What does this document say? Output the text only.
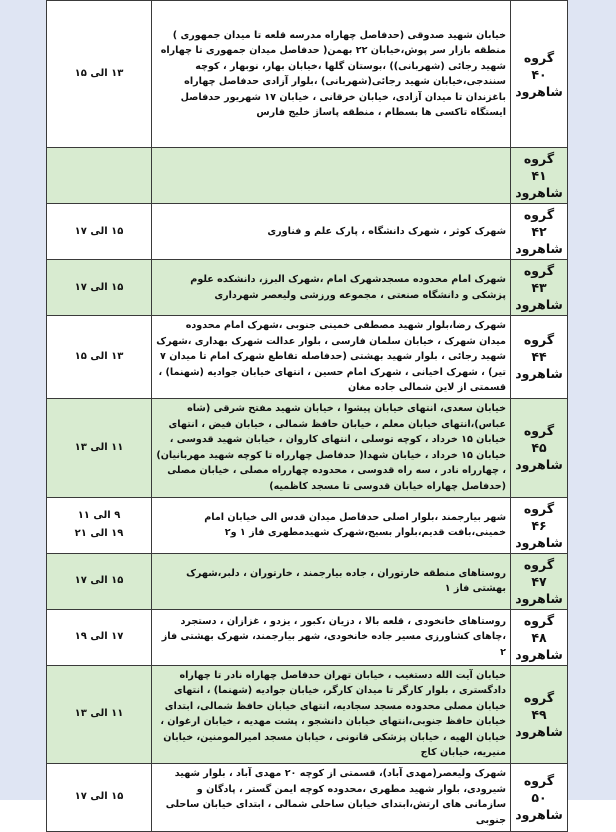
گروه ۴۰
شاهرود	خیابان شهید صدوقی (حدفاصل چهاراه مدرسه قلعه تا میدان جمهوری ) منطقه بازار سر پوش،خیابان ۲۲ بهمن( حدفاصل میدان جمهوری تا چهاراه شهید رجائی (شهربانی)) ،بوستان گلها ،خیابان بهار، نوبهار ، کوچه سنندجی،خیابان شهید رجائی(شهربانی) ،بلوار آزادی حدفاصل چهاراه باغزندان تا میدان آزادی، خیابان خرقانی ، خیابان ۱۷ شهریور حدفاصل ایستگاه تاکسی ها بسطام ، منطقه پاساژ خلیج فارس	۱۳ الی ۱۵

گروه ۴۱
شاهرود		

گروه ۴۲
شاهرود	شهرک کوثر ، شهرک دانشگاه ، پارک علم و فناوری	۱۵ الی ۱۷

گروه ۴۳
شاهرود	شهرک امام محدوده مسجدشهرک امام ،شهرک البرز، دانشکده علوم پزشکی و دانشگاه صنعتی ، مجموعه ورزشی ولیعصر شهرداری	۱۵ الی ۱۷

گروه ۴۴
شاهرود	شهرک رضا،بلوار شهید مصطفی خمینی جنوبی ،شهرک امام محدوده میدان شهرک ، خیابان سلمان فارسی ، بلوار عدالت شهرک بهداری ،شهرک شهید رجائی ، بلوار شهید بهشتی (حدفاصله تقاطع شهرک امام تا میدان ۷ تیر) ، شهرک اخیانی ، شهرک امام حسین ، انتهای خیابان جوادیه (شهنما) ، قسمتی از لاین شمالی جاده مغان	۱۳ الی ۱۵

گروه ۴۵
شاهرود	خیابان سعدی، انتهای خیابان پیشوا ، خیابان شهید مفتح شرقی (شاه عباس)،انتهای خیابان معلم ، خیابان حافظ شمالی ، خیابان فیض ، انتهای خیابان ۱۵ خرداد ، کوچه توسلی ، انتهای کاروان ، خیابان شهید قدوسی ، خیابان ۱۵ خرداد ، خیابان شهدا( حدفاصل چهارراه تا کوچه شهید مهربانیان) ، چهارراه نادر ، سه راه قدوسی ، محدوده چهارراه مصلی ، خیابان مصلی (حدفاصل چهاراه خیابان قدوسی تا مسجد کاظمیه)	۱۱ الی ۱۳

گروه ۴۶
شاهرود	شهر بیارجمند ،بلوار اصلی حدفاصل میدان قدس الی خیابان امام خمینی،بافت قدیم،بلوار بسیج،شهرک شهیدمطهری فاز ۱ و۲	۹ الی ۱۱
۱۹ الی ۲۱

گروه ۴۷
شاهرود	روستاهای منطقه خارتوران ، جاده بیارجمند ، خارتوران ، دلبر،شهرک بهشتی فاز ۱	۱۵ الی ۱۷

گروه ۴۸
شاهرود	روستاهای خانخودی ، قلعه بالا ، دزیان ،کبور ، یزدو ، غزازان ، دستجرد ،چاهای کشاورزی مسیر جاده خانخودی، شهر بیارجمند، شهرک بهشتی فاز ۲	۱۷ الی ۱۹

گروه ۴۹
شاهرود	خیابان آیت الله دستغیب ، خیابان تهران حدفاصل چهاراه نادر تا چهاراه دادگستری ، بلوار کارگر تا میدان کارگر، خیابان جوادیه (شهنما) ، انتهای خیابان مصلی محدوده مسجد سجادیه، انتهای خیابان حافظ شمالی، ابتدای خیابان حافظ جنوبی،انتهای خیابان دانشجو ، پشت مهدیه ، خیابان ارغوان ، خیابان الهیه ، خیابان پزشکی قانونی ، خیابان مسجد امیرالمومنین، خیابان منیریه، خیابان کاج	۱۱ الی ۱۳

گروه ۵۰
شاهرود	شهرک ولیعصر(مهدی آباد)، قسمتی از کوچه ۲۰ مهدی آباد ، بلوار شهید شیرودی، بلوار شهید مطهری ،محدوده کوچه ایمن گستر ، پادگان و سازمانی های ارتش،ابتدای خیابان ساحلی شمالی ، ابتدای خیابان ساحلی جنوبی	۱۵ الی ۱۷
